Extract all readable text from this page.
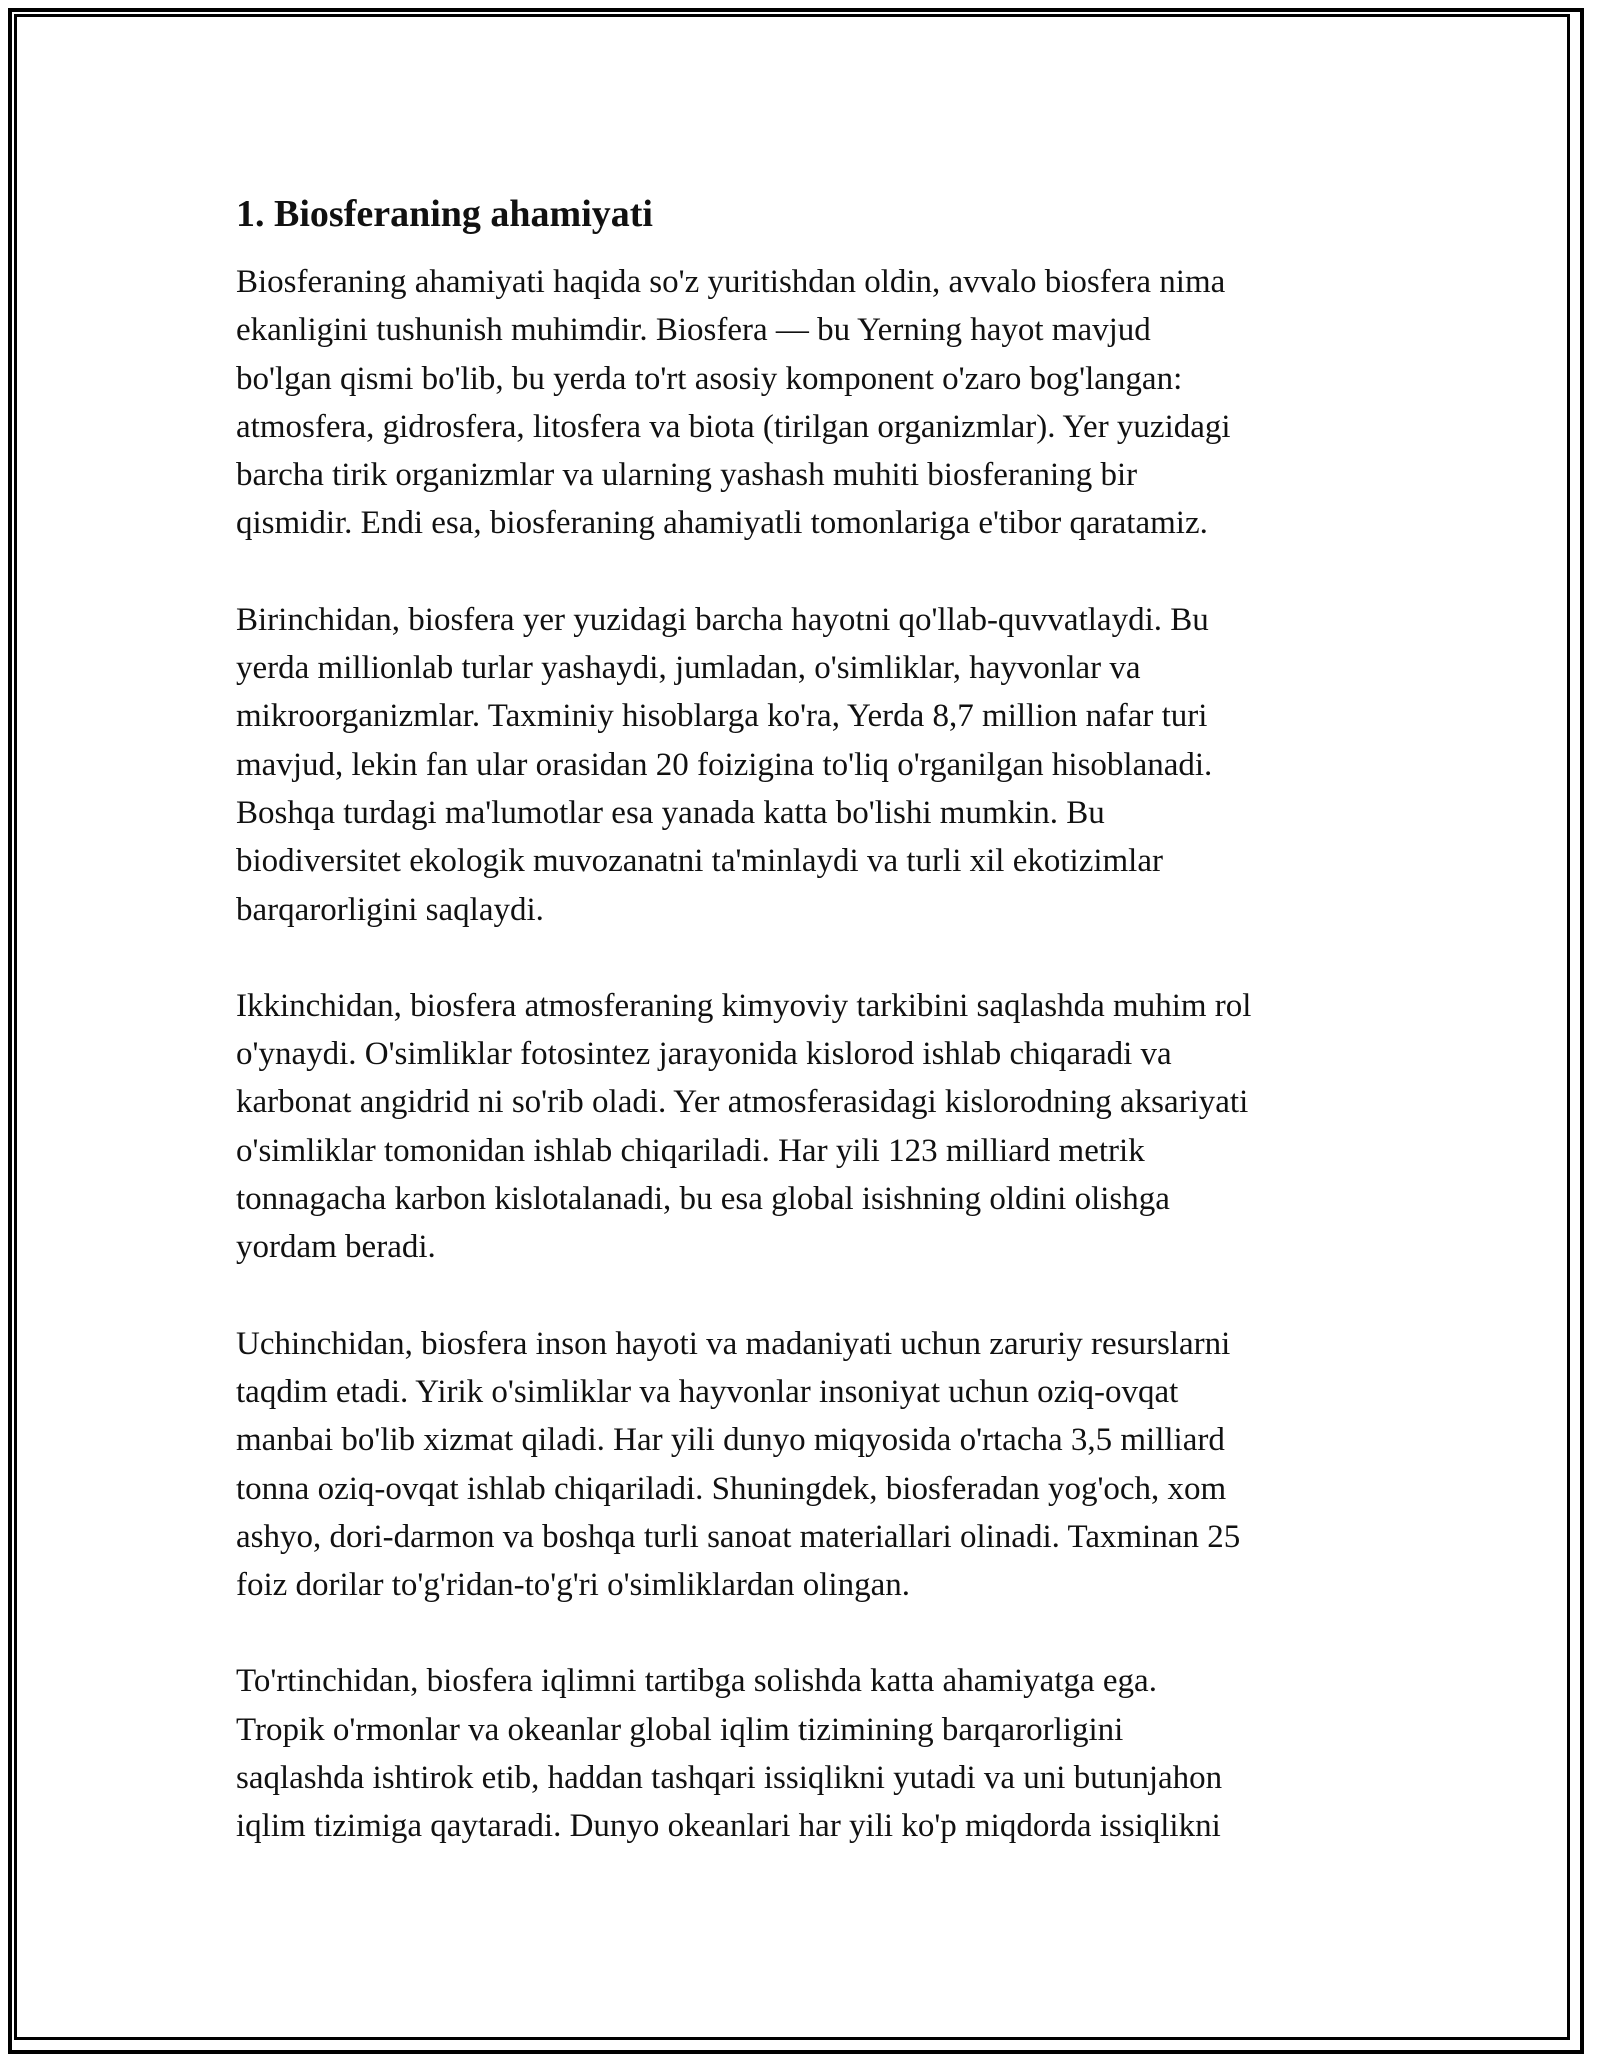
1. Biosferaning ahamiyati
Biosferaning ahamiyati haqida so'z yuritishdan oldin, avvalo biosfera nima
ekanligini tushunish muhimdir. Biosfera — bu Yerning hayot mavjud
bo'lgan qismi bo'lib, bu yerda to'rt asosiy komponent o'zaro bog'langan:
atmosfera, gidrosfera, litosfera va biota (tirilgan organizmlar). Yer yuzidagi
barcha tirik organizmlar va ularning yashash muhiti biosferaning bir
qismidir. Endi esa, biosferaning ahamiyatli tomonlariga e'tibor qaratamiz.
Birinchidan, biosfera yer yuzidagi barcha hayotni qo'llab-quvvatlaydi. Bu
yerda millionlab turlar yashaydi, jumladan, o'simliklar, hayvonlar va
mikroorganizmlar. Taxminiy hisoblarga ko'ra, Yerda 8,7 million nafar turi
mavjud, lekin fan ular orasidan 20 foizigina to'liq o'rganilgan hisoblanadi.
Boshqa turdagi ma'lumotlar esa yanada katta bo'lishi mumkin. Bu
biodiversitet ekologik muvozanatni ta'minlaydi va turli xil ekotizimlar
barqarorligini saqlaydi.
Ikkinchidan, biosfera atmosferaning kimyoviy tarkibini saqlashda muhim rol
o'ynaydi. O'simliklar fotosintez jarayonida kislorod ishlab chiqaradi va
karbonat angidrid ni so'rib oladi. Yer atmosferasidagi kislorodning aksariyati
o'simliklar tomonidan ishlab chiqariladi. Har yili 123 milliard metrik
tonnagacha karbon kislotalanadi, bu esa global isishning oldini olishga
yordam beradi.
Uchinchidan, biosfera inson hayoti va madaniyati uchun zaruriy resurslarni
taqdim etadi. Yirik o'simliklar va hayvonlar insoniyat uchun oziq-ovqat
manbai bo'lib xizmat qiladi. Har yili dunyo miqyosida o'rtacha 3,5 milliard
tonna oziq-ovqat ishlab chiqariladi. Shuningdek, biosferadan yog'och, xom
ashyo, dori-darmon va boshqa turli sanoat materiallari olinadi. Taxminan 25
foiz dorilar to'g'ridan-to'g'ri o'simliklardan olingan.
To'rtinchidan, biosfera iqlimni tartibga solishda katta ahamiyatga ega.
Tropik o'rmonlar va okeanlar global iqlim tizimining barqarorligini
saqlashda ishtirok etib, haddan tashqari issiqlikni yutadi va uni butunjahon
iqlim tizimiga qaytaradi. Dunyo okeanlari har yili ko'p miqdorda issiqlikni
